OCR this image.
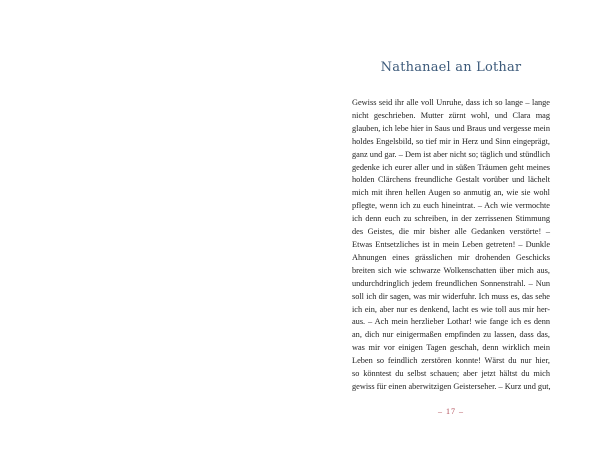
Nathanael an Lothar
Gewiss seid ihr alle voll Unruhe, dass ich so lange – lange
nicht geschrieben. Mutter zürnt wohl, und Clara mag
glauben, ich lebe hier in Saus und Braus und vergesse mein
holdes Engelsbild, so tief mir in Herz und Sinn eingeprägt,
ganz und gar. – Dem ist aber nicht so; täglich und stündlich
gedenke ich eurer aller und in süßen Träumen geht meines
holden Clärchens freundliche Gestalt vorüber und lächelt
mich mit ihren hellen Augen so anmutig an, wie sie wohl
pflegte, wenn ich zu euch hineintrat. – Ach wie vermochte
ich denn euch zu schreiben, in der zerrissenen Stimmung
des Geistes, die mir bisher alle Gedanken verstörte! –
Etwas Entsetzliches ist in mein Leben getreten! – Dunkle
Ahnungen eines grässlichen mir drohenden Geschicks
breiten sich wie schwarze Wolkenschatten über mich aus,
undurchdringlich jedem freundlichen Sonnenstrahl. – Nun
soll ich dir sagen, was mir widerfuhr. Ich muss es, das sehe
ich ein, aber nur es denkend, lacht es wie toll aus mir her-
aus. – Ach mein herzlieber Lothar! wie fange ich es denn
an, dich nur einigermaßen empfinden zu lassen, dass das,
was mir vor einigen Tagen geschah, denn wirklich mein
Leben so feindlich zerstören konnte! Wärst du nur hier,
so könntest du selbst schauen; aber jetzt hältst du mich
gewiss für einen aberwitzigen Geisterseher. – Kurz und gut,
– 17 –
